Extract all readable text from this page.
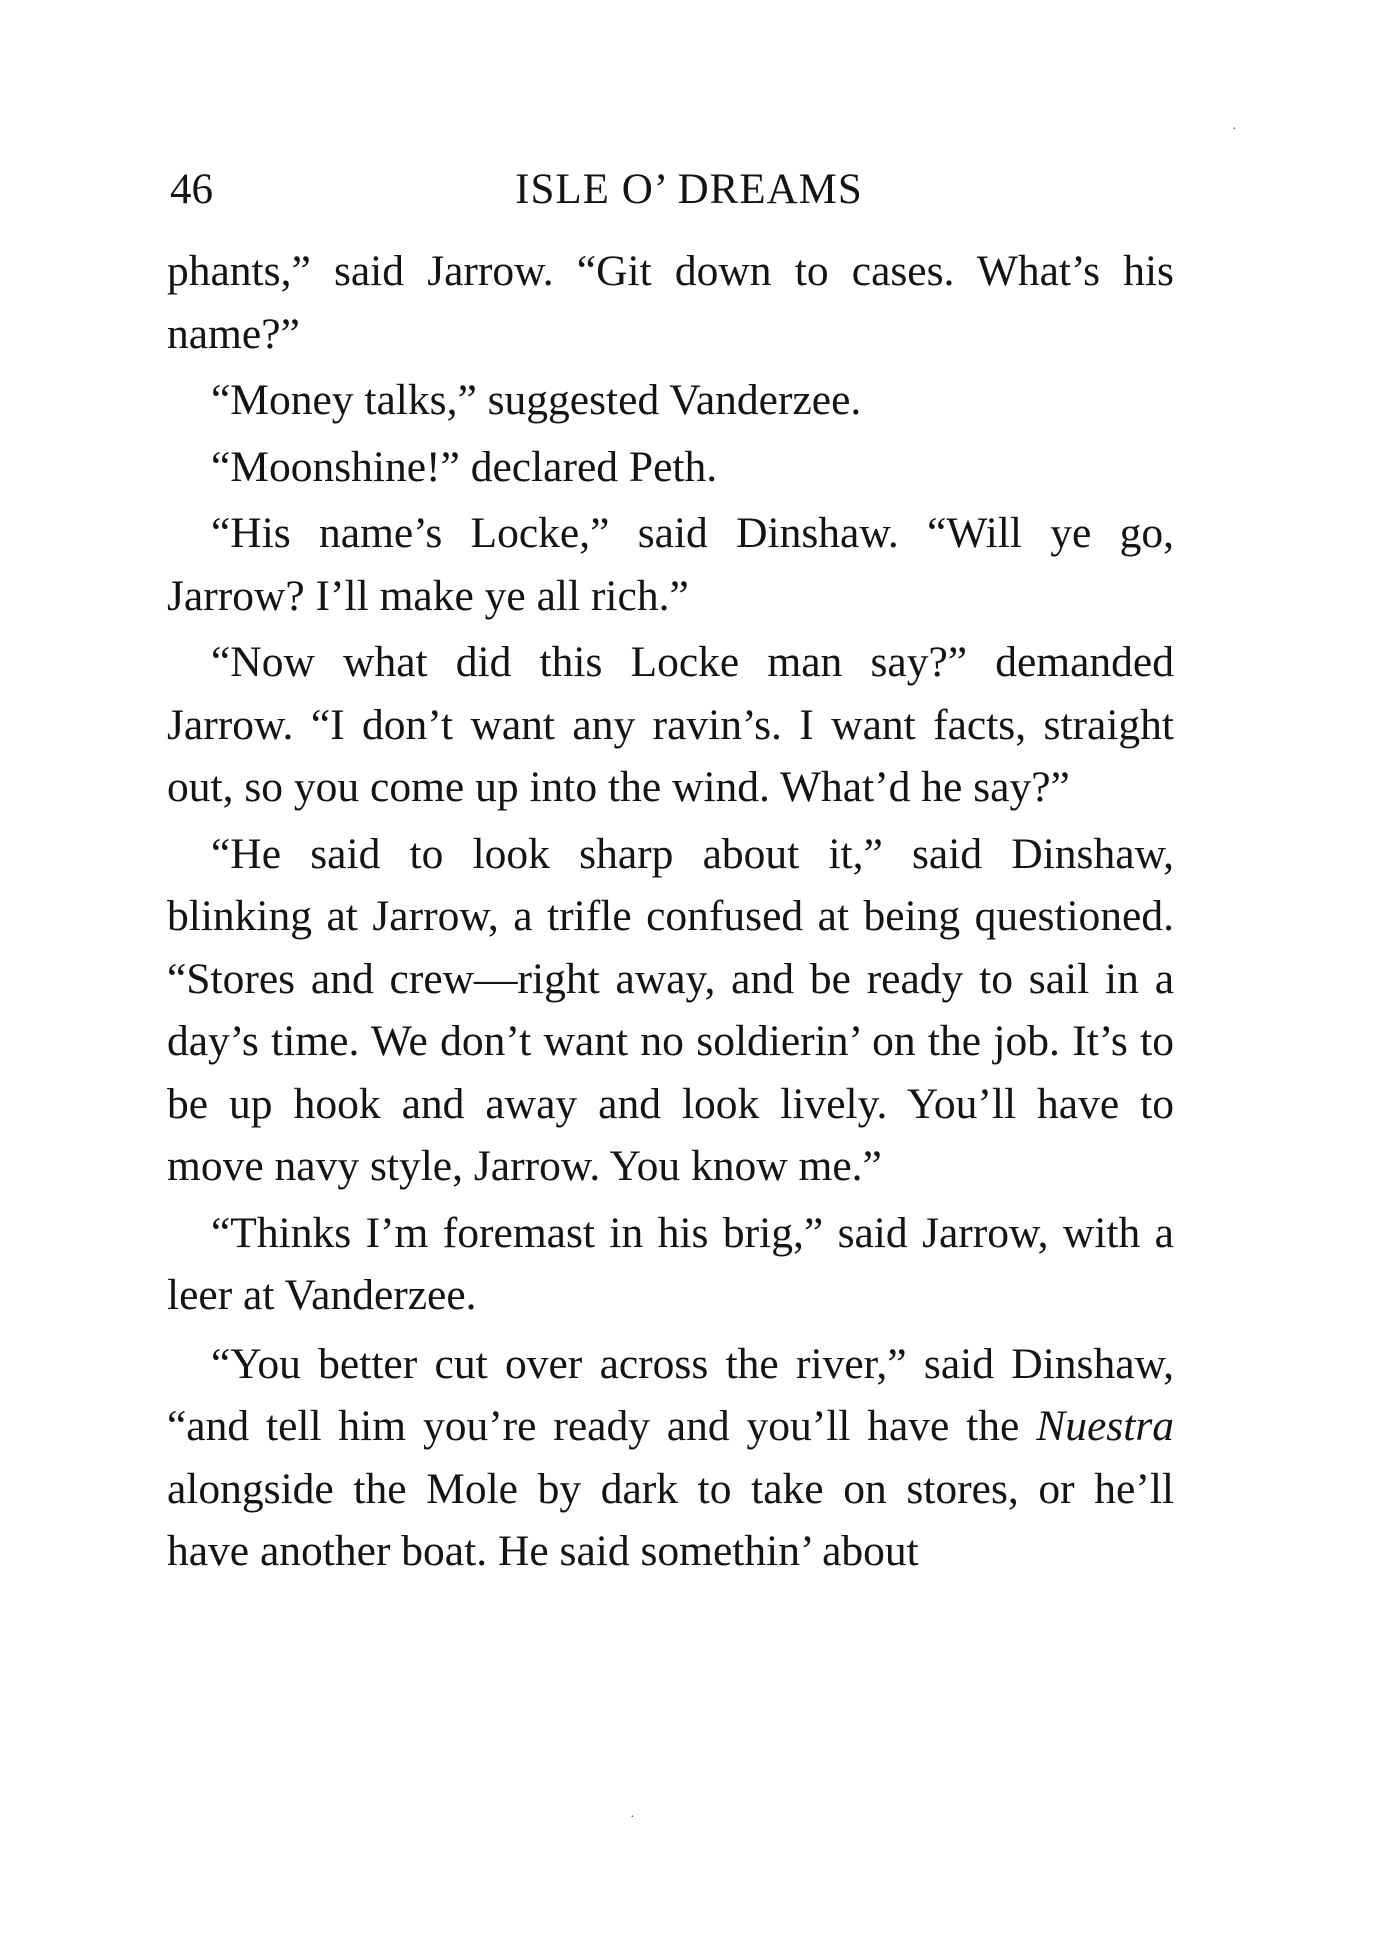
46	ISLE O’ DREAMS

phants,” said Jarrow. “Git down to cases. What’s his name?”

“Money talks,” suggested Vanderzee.

“Moonshine!” declared Peth.

“His name’s Locke,” said Dinshaw. “Will ye go, Jarrow? I’ll make ye all rich.”

“Now what did this Locke man say?” demanded Jarrow. “I don’t want any ravin’s. I want facts, straight out, so you come up into the wind. What’d he say?”

“He said to look sharp about it,” said Dinshaw, blinking at Jarrow, a trifle confused at being questioned. “Stores and crew—right away, and be ready to sail in a day’s time. We don’t want no soldierin’ on the job. It’s to be up hook and away and look lively. You’ll have to move navy style, Jarrow. You know me.”

“Thinks I’m foremast in his brig,” said Jarrow, with a leer at Vanderzee.

“You better cut over across the river,” said Dinshaw, “and tell him you’re ready and you’ll have the Nuestra alongside the Mole by dark to take on stores, or he’ll have another boat. He said somethin’ about

·
·
